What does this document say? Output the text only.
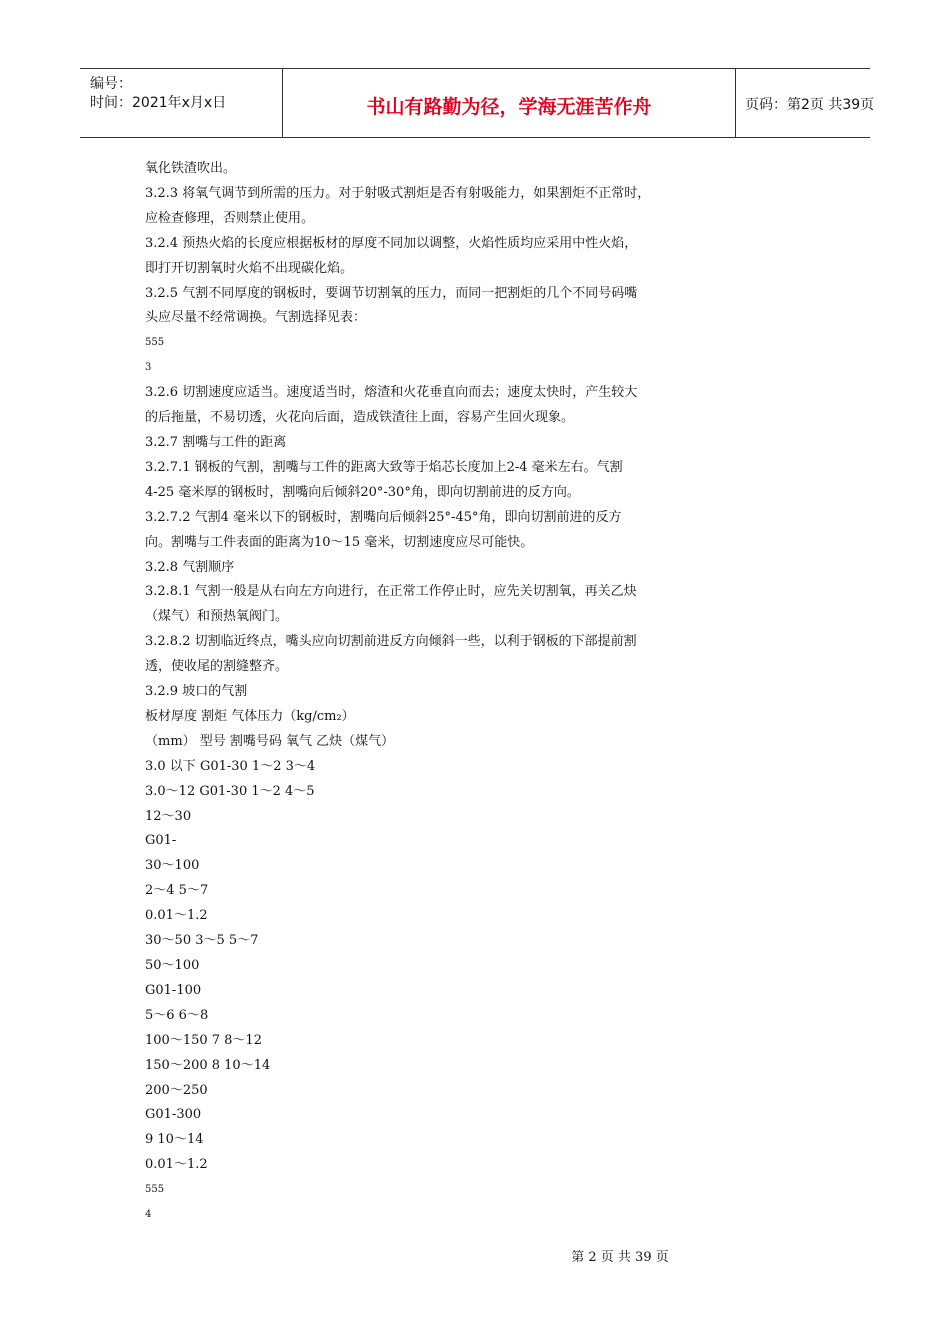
编号：
时间：2021年x月x日	书山有路勤为径，学海无涯苦作舟	页码：第2页 共39页

氧化铁渣吹出。

3.2.3 将氧气调节到所需的压力。对于射吸式割炬是否有射吸能力，如果割炬不正常时，

应检查修理，否则禁止使用。

3.2.4 预热火焰的长度应根据板材的厚度不同加以调整，火焰性质均应采用中性火焰，

即打开切割氧时火焰不出现碳化焰。

3.2.5 气割不同厚度的钢板时，要调节切割氧的压力，而同一把割炬的几个不同号码嘴

头应尽量不经常调换。气割选择见表：

555

3

3.2.6 切割速度应适当。速度适当时，熔渣和火花垂直向而去；速度太快时，产生较大

的后拖量，不易切透，火花向后面，造成铁渣往上面，容易产生回火现象。

3.2.7 割嘴与工件的距离

3.2.7.1 钢板的气割，割嘴与工件的距离大致等于焰芯长度加上2-4 毫米左右。气割

4-25 毫米厚的钢板时，割嘴向后倾斜20°-30°角，即向切割前进的反方向。

3.2.7.2 气割4 毫米以下的钢板时，割嘴向后倾斜25°-45°角，即向切割前进的反方

向。割嘴与工件表面的距离为10～15 毫米，切割速度应尽可能快。

3.2.8 气割顺序

3.2.8.1 气割一般是从右向左方向进行，在正常工作停止时，应先关切割氧，再关乙炔

（煤气）和预热氧阀门。

3.2.8.2 切割临近终点，嘴头应向切割前进反方向倾斜一些，以利于钢板的下部提前割

透，使收尾的割缝整齐。

3.2.9 坡口的气割

板材厚度 割炬 气体压力（kg/cm₂）

（mm） 型号 割嘴号码 氧气 乙炔（煤气）

3.0 以下 G01-30 1～2 3～4

3.0～12 G01-30 1～2 4～5

12～30

G01-

30～100

2～4 5～7

0.01～1.2

30～50 3～5 5～7

50～100

G01-100

5～6 6～8

100～150 7 8～12

150～200 8 10～14

200～250

G01-300

9 10～14

0.01～1.2

555

4

第 2 页 共 39 页
